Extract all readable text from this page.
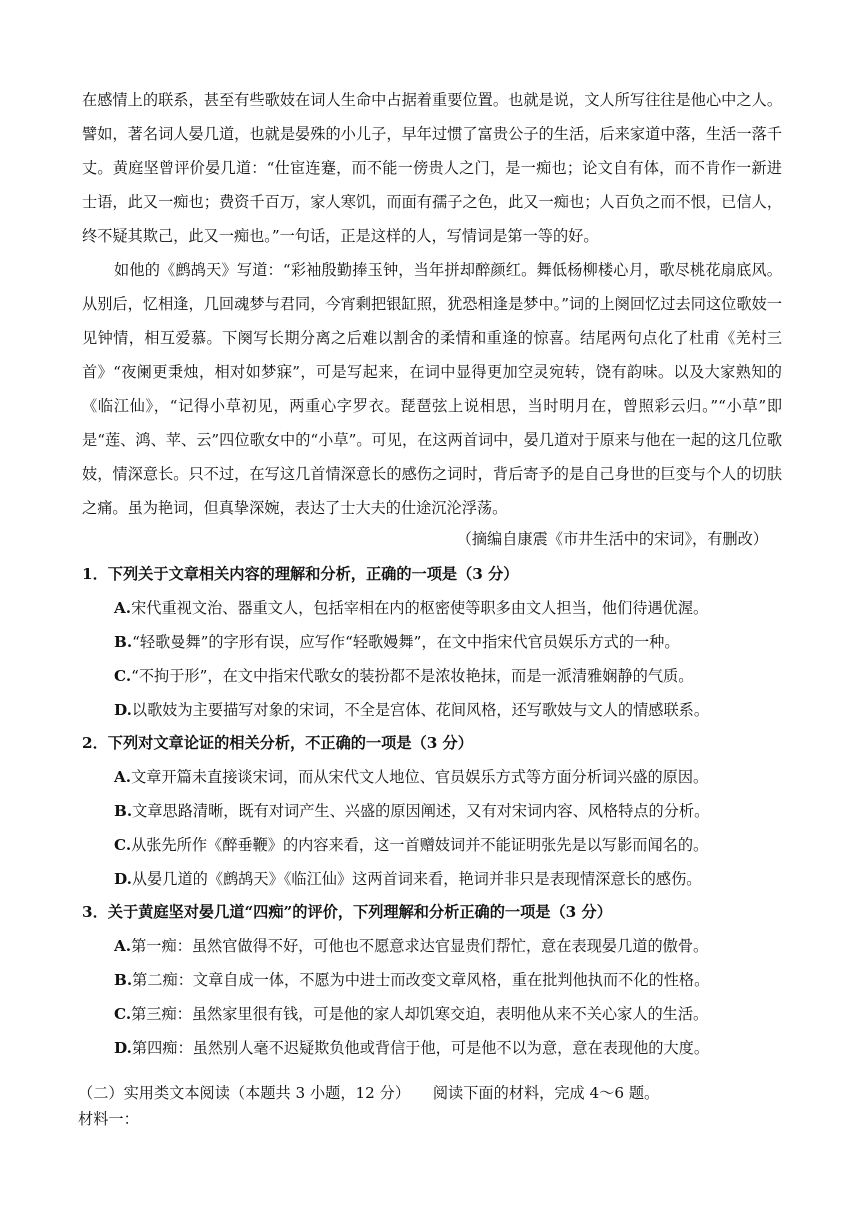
在感情上的联系，甚至有些歌妓在词人生命中占据着重要位置。也就是说，文人所写往往是他心中之人。譬如，著名词人晏几道，也就是晏殊的小儿子，早年过惯了富贵公子的生活，后来家道中落，生活一落千丈。黄庭坚曾评价晏几道：“仕宦连蹇，而不能一傍贵人之门，是一痴也；论文自有体，而不肯作一新进士语，此又一痴也；费资千百万，家人寒饥，而面有孺子之色，此又一痴也；人百负之而不恨，已信人，终不疑其欺己，此又一痴也。”一句话，正是这样的人，写情词是第一等的好。

如他的《鹧鸪天》写道：“彩袖殷勤捧玉钟，当年拼却醉颜红。舞低杨柳楼心月，歌尽桃花扇底风。从别后，忆相逢，几回魂梦与君同，今宵剩把银缸照，犹恐相逢是梦中。”词的上阕回忆过去同这位歌妓一见钟情，相互爱慕。下阕写长期分离之后难以割舍的柔情和重逢的惊喜。结尾两句点化了杜甫《羌村三首》“夜阑更秉烛，相对如梦寐”，可是写起来，在词中显得更加空灵宛转，饶有韵味。以及大家熟知的《临江仙》，“记得小草初见，两重心字罗衣。琵琶弦上说相思，当时明月在，曾照彩云归。”“小草”即是“莲、鸿、苹、云”四位歌女中的“小草”。可见，在这两首词中，晏几道对于原来与他在一起的这几位歌妓，情深意长。只不过，在写这几首情深意长的感伤之词时，背后寄予的是自己身世的巨变与个人的切肤之痛。虽为艳词，但真挚深婉，表达了士大夫的仕途沉沦浮荡。

（摘编自康震《市井生活中的宋词》，有删改）

1．下列关于文章相关内容的理解和分析，正确的一项是（3 分）
A.宋代重视文治、器重文人，包括宰相在内的枢密使等职多由文人担当，他们待遇优渥。
B.“轻歌曼舞”的字形有误，应写作“轻歌嫚舞”，在文中指宋代官员娱乐方式的一种。
C.“不拘于形”，在文中指宋代歌女的装扮都不是浓妆艳抹，而是一派清雅娴静的气质。
D.以歌妓为主要描写对象的宋词，不全是宫体、花间风格，还写歌妓与文人的情感联系。
2．下列对文章论证的相关分析，不正确的一项是（3 分）
A.文章开篇未直接谈宋词，而从宋代文人地位、官员娱乐方式等方面分析词兴盛的原因。
B.文章思路清晰，既有对词产生、兴盛的原因阐述，又有对宋词内容、风格特点的分析。
C.从张先所作《醉垂鞭》的内容来看，这一首赠妓词并不能证明张先是以写影而闻名的。
D.从晏几道的《鹧鸪天》《临江仙》这两首词来看，艳词并非只是表现情深意长的感伤。
3．关于黄庭坚对晏几道“四痴”的评价，下列理解和分析正确的一项是（3 分）
A.第一痴：虽然官做得不好，可他也不愿意求达官显贵们帮忙，意在表现晏几道的傲骨。
B.第二痴：文章自成一体，不愿为中进士而改变文章风格，重在批判他执而不化的性格。
C.第三痴：虽然家里很有钱，可是他的家人却饥寒交迫，表明他从来不关心家人的生活。
D.第四痴：虽然别人毫不迟疑欺负他或背信于他，可是他不以为意，意在表现他的大度。
（二）实用类文本阅读（本题共 3 小题，12 分）　　 阅读下面的材料，完成 4～6 题。
材料一：
